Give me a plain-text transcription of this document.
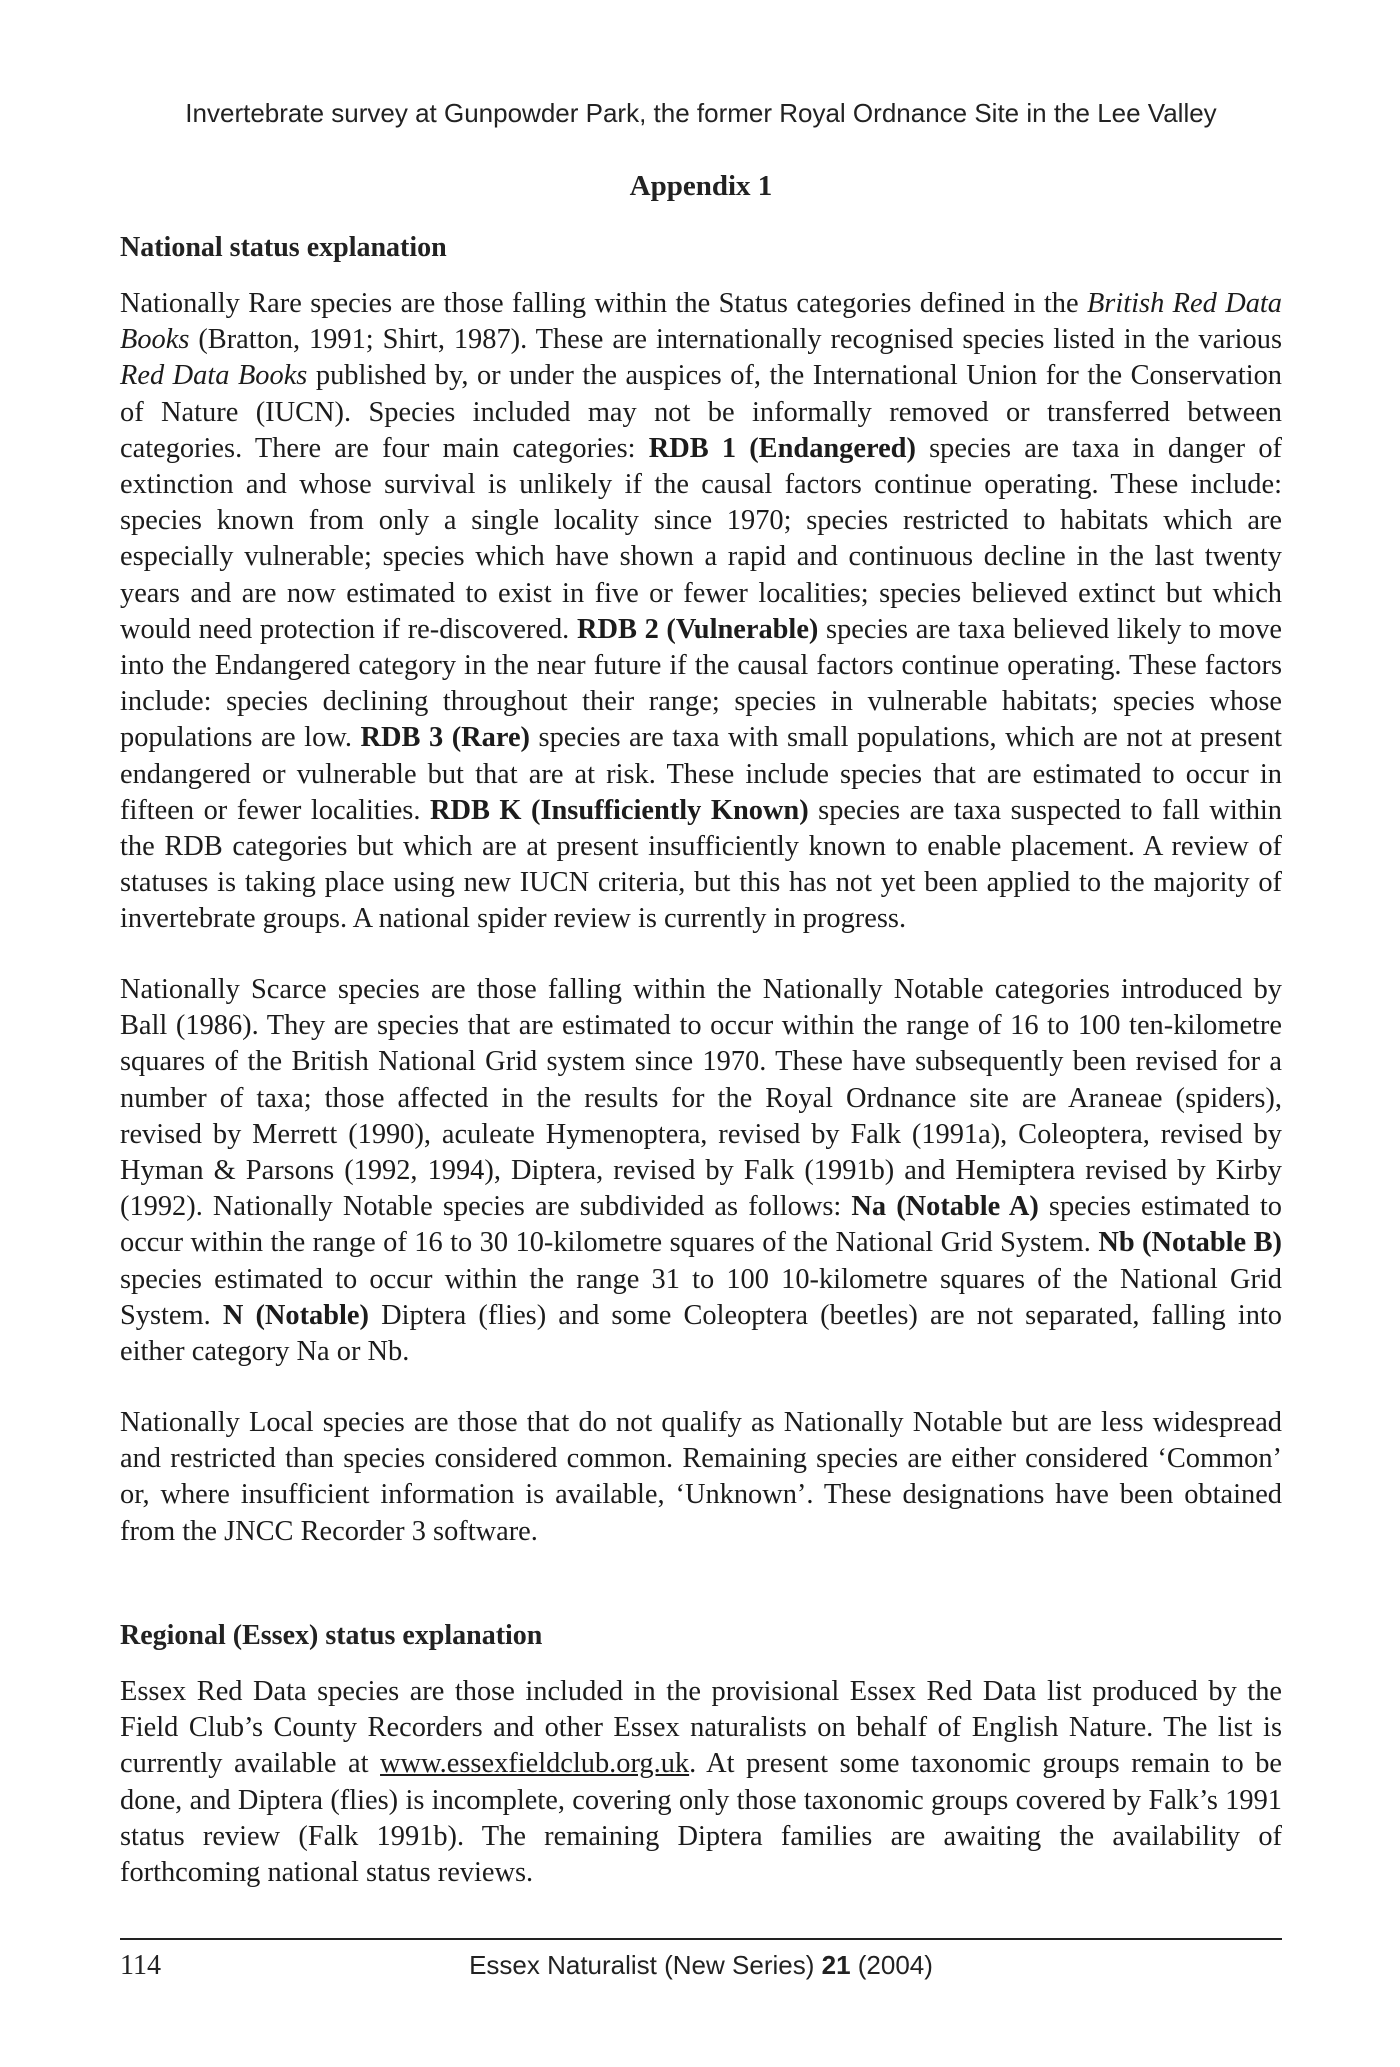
Invertebrate survey at Gunpowder Park, the former Royal Ordnance Site in the Lee Valley
Appendix 1
National status explanation

Nationally Rare species are those falling within the Status categories defined in the British Red Data Books (Bratton, 1991; Shirt, 1987). These are internationally recognised species listed in the various Red Data Books published by, or under the auspices of, the International Union for the Conservation of Nature (IUCN). Species included may not be informally removed or transferred between categories. There are four main categories: RDB 1 (Endangered) species are taxa in danger of extinction and whose survival is unlikely if the causal factors continue operating. These include: species known from only a single locality since 1970; species restricted to habitats which are especially vulnerable; species which have shown a rapid and continuous decline in the last twenty years and are now estimated to exist in five or fewer localities; species believed extinct but which would need protection if re-discovered. RDB 2 (Vulnerable) species are taxa believed likely to move into the Endangered category in the near future if the causal factors continue operating. These factors include: species declining throughout their range; species in vulnerable habitats; species whose populations are low. RDB 3 (Rare) species are taxa with small populations, which are not at present endangered or vulnerable but that are at risk. These include species that are estimated to occur in fifteen or fewer localities. RDB K (Insufficiently Known) species are taxa suspected to fall within the RDB categories but which are at present insufficiently known to enable placement. A review of statuses is taking place using new IUCN criteria, but this has not yet been applied to the majority of invertebrate groups. A national spider review is currently in progress.

Nationally Scarce species are those falling within the Nationally Notable categories introduced by Ball (1986). They are species that are estimated to occur within the range of 16 to 100 ten-kilometre squares of the British National Grid system since 1970. These have subsequently been revised for a number of taxa; those affected in the results for the Royal Ordnance site are Araneae (spiders), revised by Merrett (1990), aculeate Hymenoptera, revised by Falk (1991a), Coleoptera, revised by Hyman & Parsons (1992, 1994), Diptera, revised by Falk (1991b) and Hemiptera revised by Kirby (1992). Nationally Notable species are subdivided as follows: Na (Notable A) species estimated to occur within the range of 16 to 30 10-kilometre squares of the National Grid System. Nb (Notable B) species estimated to occur within the range 31 to 100 10-kilometre squares of the National Grid System. N (Notable) Diptera (flies) and some Coleoptera (beetles) are not separated, falling into either category Na or Nb.

Nationally Local species are those that do not qualify as Nationally Notable but are less widespread and restricted than species considered common. Remaining species are either considered ‘Common’ or, where insufficient information is available, ‘Unknown’. These designations have been obtained from the JNCC Recorder 3 software.

Regional (Essex) status explanation

Essex Red Data species are those included in the provisional Essex Red Data list produced by the Field Club’s County Recorders and other Essex naturalists on behalf of English Nature. The list is currently available at www.essexfieldclub.org.uk. At present some taxonomic groups remain to be done, and Diptera (flies) is incomplete, covering only those taxonomic groups covered by Falk’s 1991 status review (Falk 1991b). The remaining Diptera families are awaiting the availability of forthcoming national status reviews.

114	Essex Naturalist (New Series) 21 (2004)
